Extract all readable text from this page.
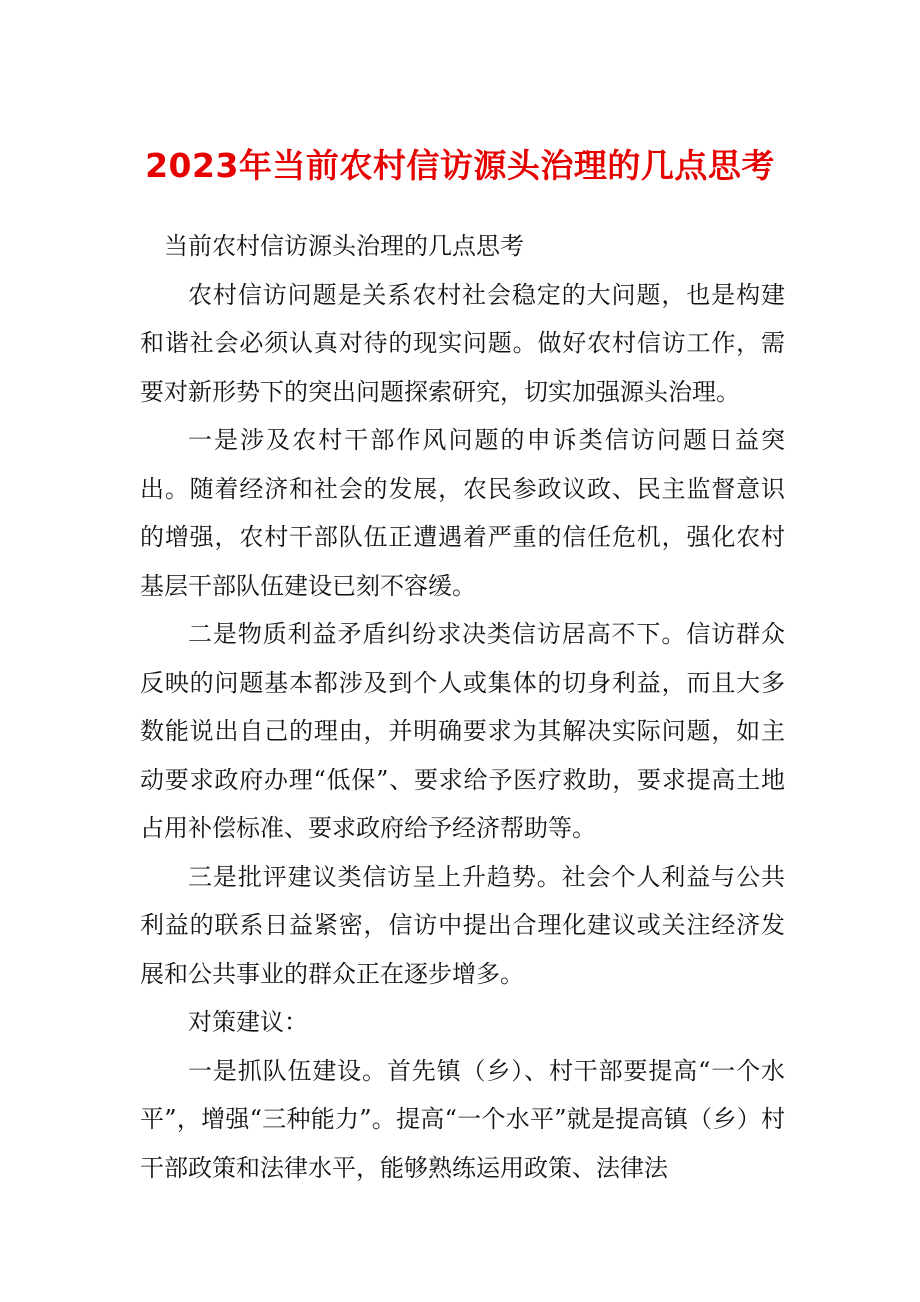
2023年当前农村信访源头治理的几点思考

当前农村信访源头治理的几点思考

农村信访问题是关系农村社会稳定的大问题，也是构建和谐社会必须认真对待的现实问题。做好农村信访工作，需要对新形势下的突出问题探索研究，切实加强源头治理。

一是涉及农村干部作风问题的申诉类信访问题日益突出。随着经济和社会的发展，农民参政议政、民主监督意识的增强，农村干部队伍正遭遇着严重的信任危机，强化农村基层干部队伍建设已刻不容缓。

二是物质利益矛盾纠纷求决类信访居高不下。信访群众反映的问题基本都涉及到个人或集体的切身利益，而且大多数能说出自己的理由，并明确要求为其解决实际问题，如主动要求政府办理“低保”、要求给予医疗救助，要求提高土地占用补偿标准、要求政府给予经济帮助等。

三是批评建议类信访呈上升趋势。社会个人利益与公共利益的联系日益紧密，信访中提出合理化建议或关注经济发展和公共事业的群众正在逐步增多。

对策建议：

一是抓队伍建设。首先镇（乡）、村干部要提高“一个水平”，增强“三种能力”。提高“一个水平”就是提高镇（乡）村干部政策和法律水平，能够熟练运用政策、法律法
